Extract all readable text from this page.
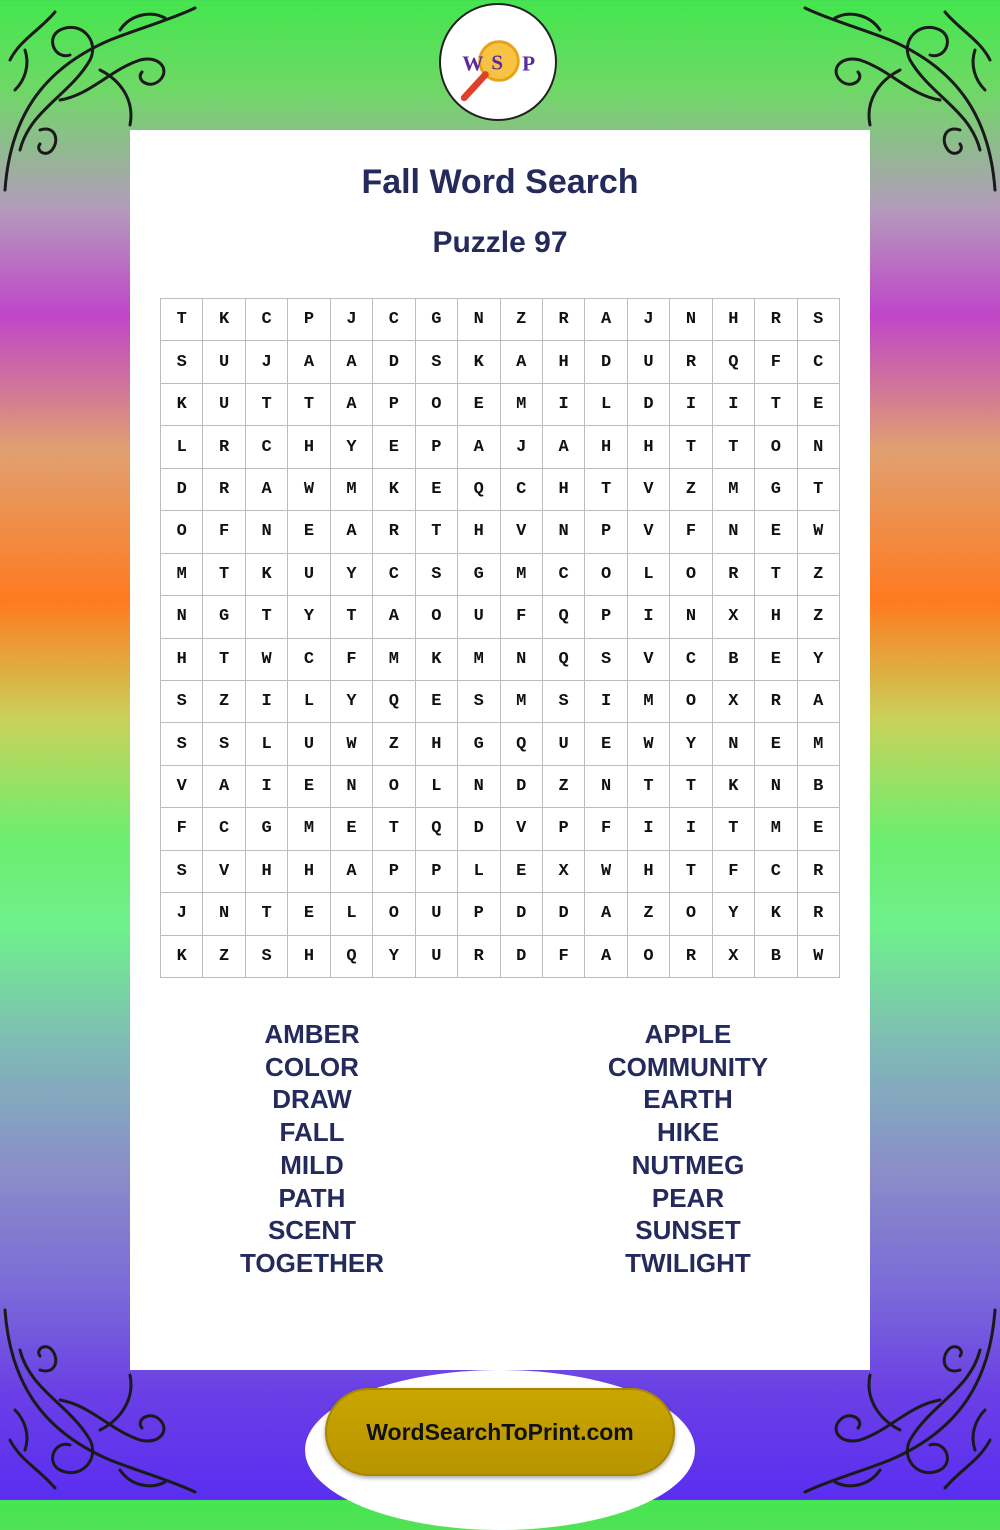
W S P
Fall Word Search
Puzzle 97
T	K	C	P	J	C	G	N	Z	R	A	J	N	H	R	S
S	U	J	A	A	D	S	K	A	H	D	U	R	Q	F	C
K	U	T	T	A	P	O	E	M	I	L	D	I	I	T	E
L	R	C	H	Y	E	P	A	J	A	H	H	T	T	O	N
D	R	A	W	M	K	E	Q	C	H	T	V	Z	M	G	T
O	F	N	E	A	R	T	H	V	N	P	V	F	N	E	W
M	T	K	U	Y	C	S	G	M	C	O	L	O	R	T	Z
N	G	T	Y	T	A	O	U	F	Q	P	I	N	X	H	Z
H	T	W	C	F	M	K	M	N	Q	S	V	C	B	E	Y
S	Z	I	L	Y	Q	E	S	M	S	I	M	O	X	R	A
S	S	L	U	W	Z	H	G	Q	U	E	W	Y	N	E	M
V	A	I	E	N	O	L	N	D	Z	N	T	T	K	N	B
F	C	G	M	E	T	Q	D	V	P	F	I	I	T	M	E
S	V	H	H	A	P	P	L	E	X	W	H	T	F	C	R
J	N	T	E	L	O	U	P	D	D	A	Z	O	Y	K	R
K	Z	S	H	Q	Y	U	R	D	F	A	O	R	X	B	W
AMBER
COLOR
DRAW
FALL
MILD
PATH
SCENT
TOGETHER
APPLE
COMMUNITY
EARTH
HIKE
NUTMEG
PEAR
SUNSET
TWILIGHT
WordSearchToPrint.com
